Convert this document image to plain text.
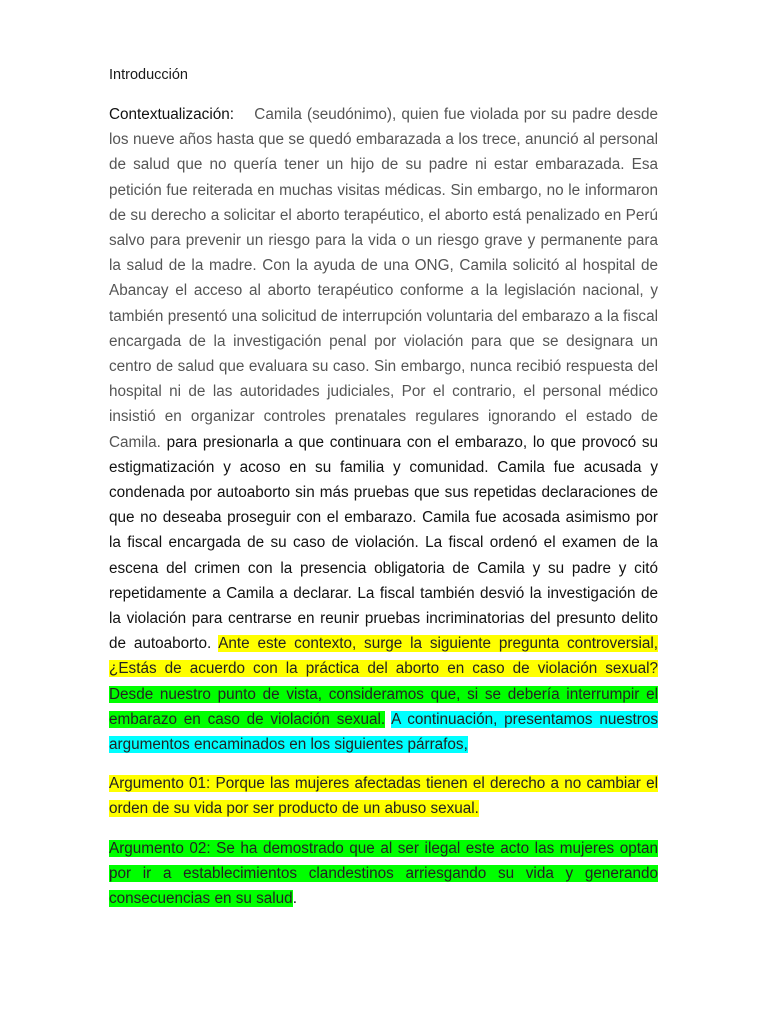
Introducción

Contextualización: Camila (seudónimo), quien fue violada por su padre desde los nueve años hasta que se quedó embarazada a los trece, anunció al personal de salud que no quería tener un hijo de su padre ni estar embarazada. Esa petición fue reiterada en muchas visitas médicas. Sin embargo, no le informaron de su derecho a solicitar el aborto terapéutico, el aborto está penalizado en Perú salvo para prevenir un riesgo para la vida o un riesgo grave y permanente para la salud de la madre. Con la ayuda de una ONG, Camila solicitó al hospital de Abancay el acceso al aborto terapéutico conforme a la legislación nacional, y también presentó una solicitud de interrupción voluntaria del embarazo a la fiscal encargada de la investigación penal por violación para que se designara un centro de salud que evaluara su caso. Sin embargo, nunca recibió respuesta del hospital ni de las autoridades judiciales, Por el contrario, el personal médico insistió en organizar controles prenatales regulares ignorando el estado de Camila. para presionarla a que continuara con el embarazo, lo que provocó su estigmatización y acoso en su familia y comunidad. Camila fue acusada y condenada por autoaborto sin más pruebas que sus repetidas declaraciones de que no deseaba proseguir con el embarazo. Camila fue acosada asimismo por la fiscal encargada de su caso de violación. La fiscal ordenó el examen de la escena del crimen con la presencia obligatoria de Camila y su padre y citó repetidamente a Camila a declarar. La fiscal también desvió la investigación de la violación para centrarse en reunir pruebas incriminatorias del presunto delito de autoaborto. Ante este contexto, surge la siguiente pregunta controversial, ¿Estás de acuerdo con la práctica del aborto en caso de violación sexual? Desde nuestro punto de vista, consideramos que, si se debería interrumpir el embarazo en caso de violación sexual. A continuación, presentamos nuestros argumentos encaminados en los siguientes párrafos,

Argumento 01: Porque las mujeres afectadas tienen el derecho a no cambiar el orden de su vida por ser producto de un abuso sexual.

Argumento 02: Se ha demostrado que al ser ilegal este acto las mujeres optan por ir a establecimientos clandestinos arriesgando su vida y generando consecuencias en su salud.
